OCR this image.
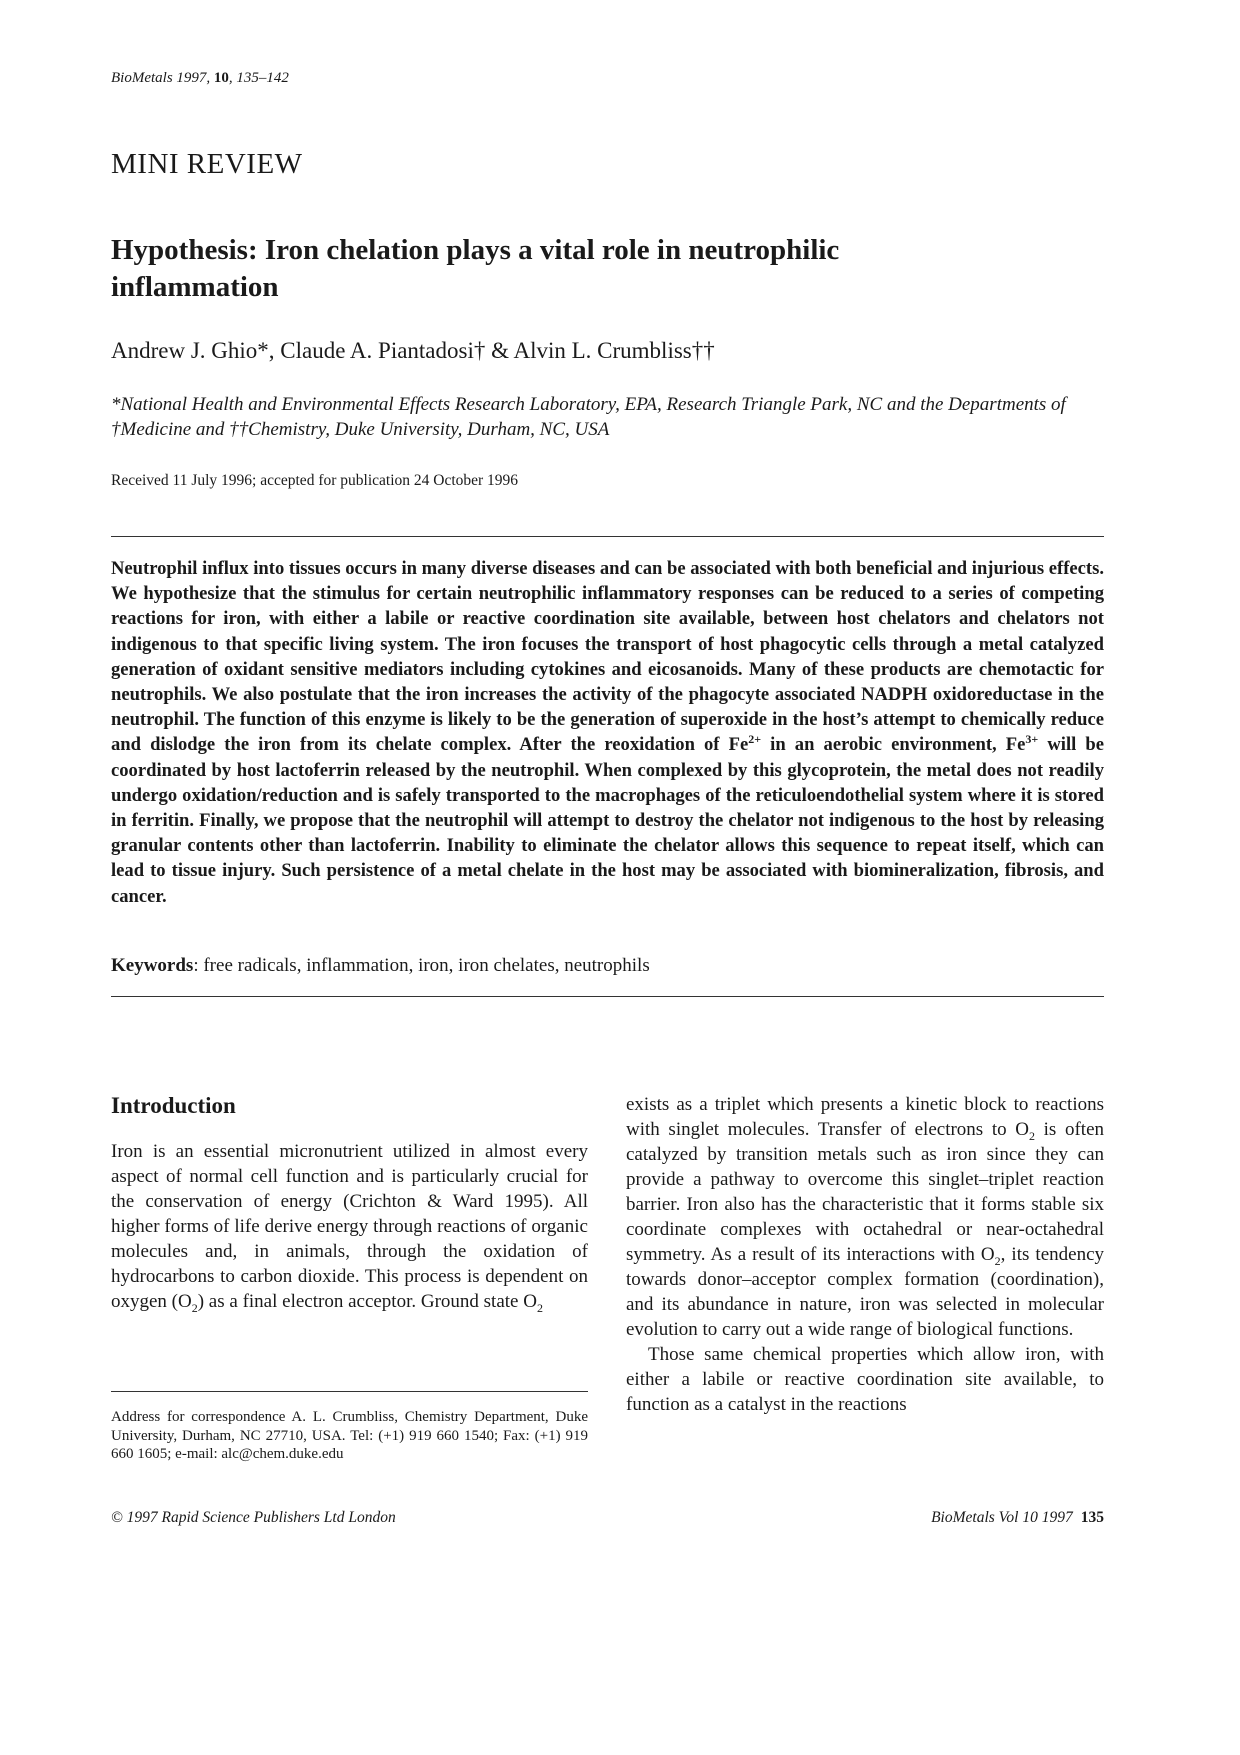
BioMetals 1997, 10, 135–142
MINI REVIEW
Hypothesis: Iron chelation plays a vital role in neutrophilic inflammation
Andrew J. Ghio*, Claude A. Piantadosi† & Alvin L. Crumbliss††
*National Health and Environmental Effects Research Laboratory, EPA, Research Triangle Park, NC and the Departments of †Medicine and ††Chemistry, Duke University, Durham, NC, USA
Received 11 July 1996; accepted for publication 24 October 1996

Neutrophil influx into tissues occurs in many diverse diseases and can be associated with both beneficial and injurious effects. We hypothesize that the stimulus for certain neutrophilic inflammatory responses can be reduced to a series of competing reactions for iron, with either a labile or reactive coordination site available, between host chelators and chelators not indigenous to that specific living system. The iron focuses the transport of host phagocytic cells through a metal catalyzed generation of oxidant sensitive mediators including cytokines and eicosanoids. Many of these products are chemotactic for neutrophils. We also postulate that the iron increases the activity of the phagocyte associated NADPH oxidoreductase in the neutrophil. The function of this enzyme is likely to be the generation of superoxide in the host’s attempt to chemically reduce and dislodge the iron from its chelate complex. After the reoxidation of $Fe^{2+}$ in an aerobic environment, $Fe^{3+}$ will be coordinated by host lactoferrin released by the neutrophil. When complexed by this glycoprotein, the metal does not readily undergo oxidation/reduction and is safely transported to the macrophages of the reticuloendothelial system where it is stored in ferritin. Finally, we propose that the neutrophil will attempt to destroy the chelator not indigenous to the host by releasing granular contents other than lactoferrin. Inability to eliminate the chelator allows this sequence to repeat itself, which can lead to tissue injury. Such persistence of a metal chelate in the host may be associated with biomineralization, fibrosis, and cancer.

Keywords: free radicals, inflammation, iron, iron chelates, neutrophils
Introduction

Iron is an essential micronutrient utilized in almost every aspect of normal cell function and is particularly crucial for the conservation of energy (Crichton & Ward 1995). All higher forms of life derive energy through reactions of organic molecules and, in animals, through the oxidation of hydrocarbons to carbon dioxide. This process is dependent on oxygen $(O_2)$ as a final electron acceptor. Ground state $O_2$

Address for correspondence A. L. Crumbliss, Chemistry Department, Duke University, Durham, NC 27710, USA. Tel: (+1) 919 660 1540; Fax: (+1) 919 660 1605; e-mail: alc@chem.duke.edu

exists as a triplet which presents a kinetic block to reactions with singlet molecules. Transfer of electrons to $O_2$ is often catalyzed by transition metals such as iron since they can provide a pathway to overcome this singlet–triplet reaction barrier. Iron also has the characteristic that it forms stable six coordinate complexes with octahedral or near-octahedral symmetry. As a result of its interactions with $O_2$, its tendency towards donor–acceptor complex formation (coordination), and its abundance in nature, iron was selected in molecular evolution to carry out a wide range of biological functions.

Those same chemical properties which allow iron, with either a labile or reactive coordination site available, to function as a catalyst in the reactions

© 1997 Rapid Science Publishers Ltd London	BioMetals Vol 10 1997 135
